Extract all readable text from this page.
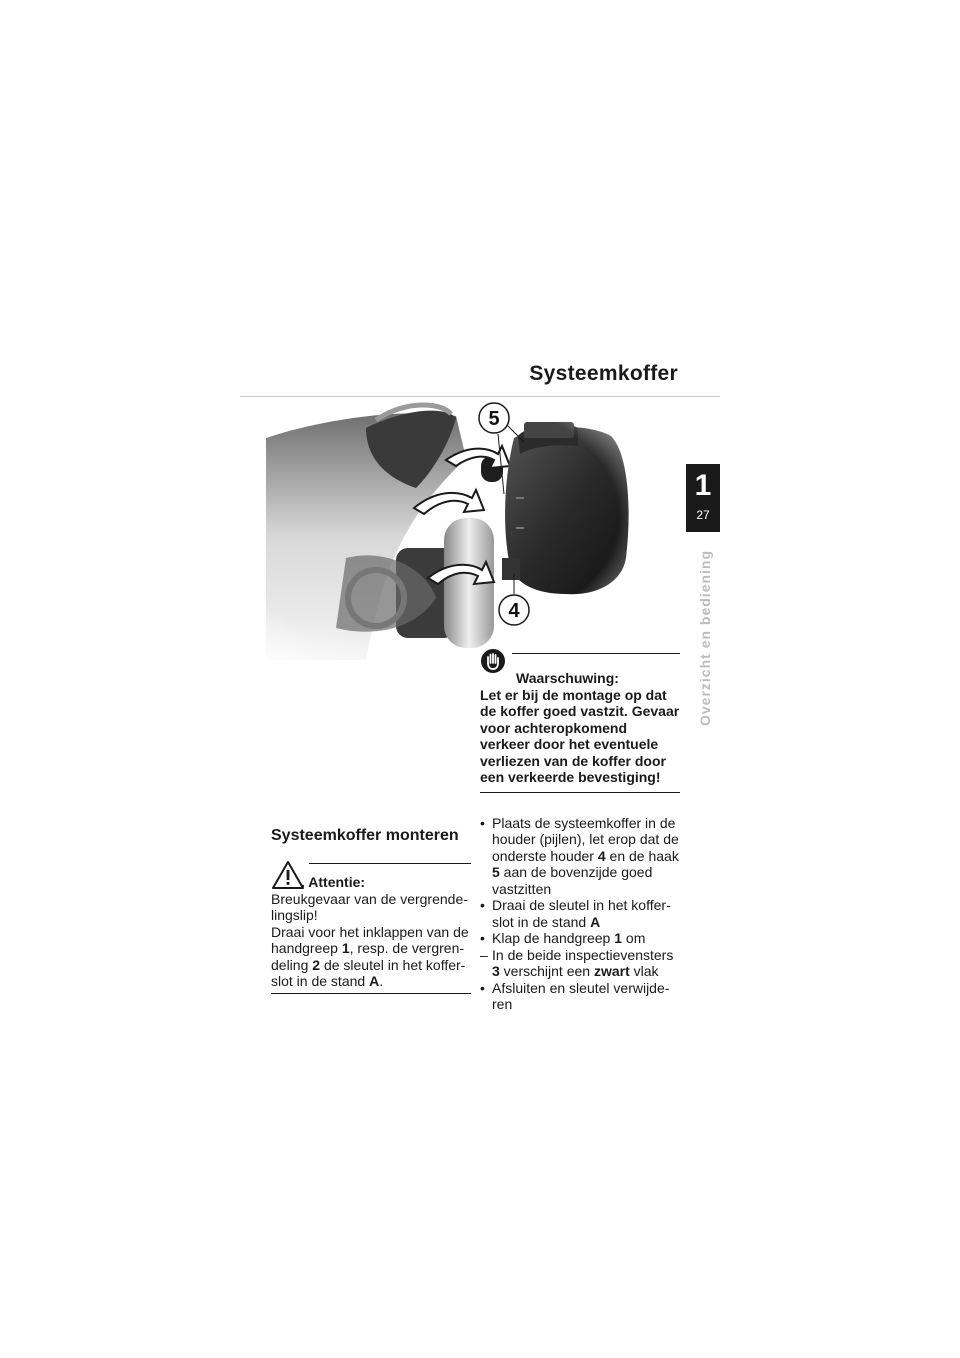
Systeemkoffer
1
27
Overzicht en bediening
5
4
Waarschuwing:
Let er bij de montage op dat de koffer goed vastzit. Gevaar voor achteropkomend verkeer door het eventuele verliezen van de koffer door een verkeerde bevestiging!
• Plaats de systeemkoffer in de houder (pijlen), let erop dat de onderste houder 4 en de haak 5 aan de bovenzijde goed vastzitten
• Draai de sleutel in het koffer-slot in de stand A
• Klap de handgreep 1 om
– In de beide inspectievensters 3 verschijnt een zwart vlak
• Afsluiten en sleutel verwijde-ren
Systeemkoffer monteren
. Attentie:
Breukgevaar van de vergrende-lingslip!
Draai voor het inklappen van de handgreep 1, resp. de vergren-deling 2 de sleutel in het koffer-slot in de stand A.
